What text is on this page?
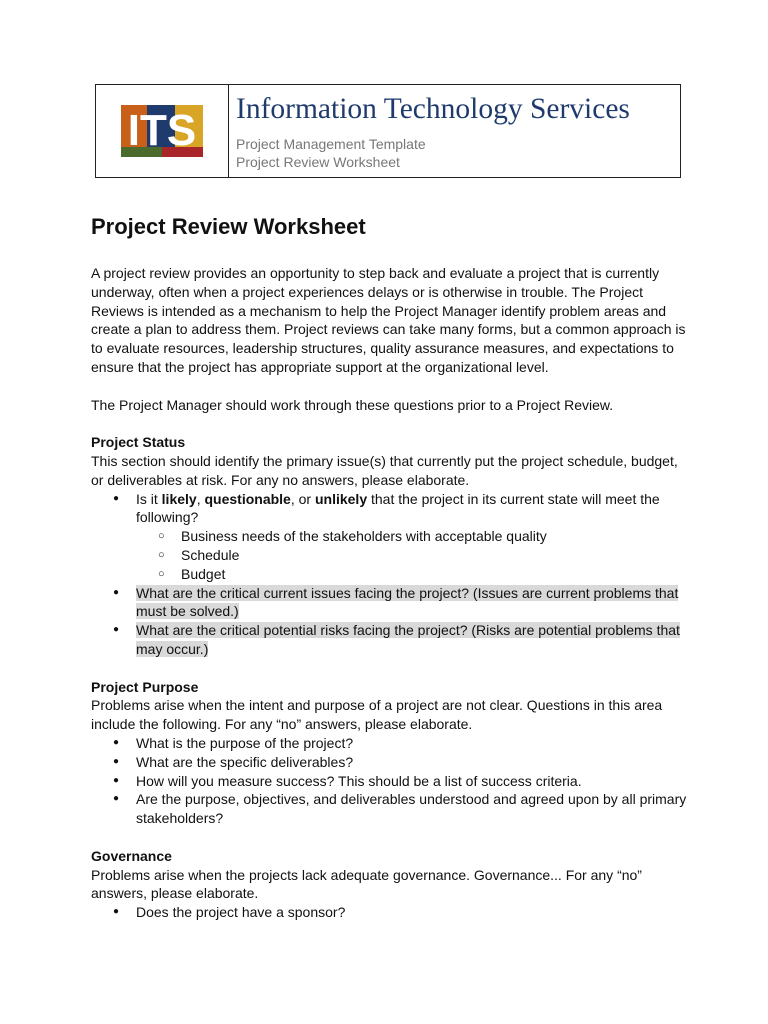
ITS Information Technology Services
Project Management Template
Project Review Worksheet
Project Review Worksheet

A project review provides an opportunity to step back and evaluate a project that is currently underway, often when a project experiences delays or is otherwise in trouble. The Project Reviews is intended as a mechanism to help the Project Manager identify problem areas and create a plan to address them. Project reviews can take many forms, but a common approach is to evaluate resources, leadership structures, quality assurance measures, and expectations to ensure that the project has appropriate support at the organizational level.

The Project Manager should work through these questions prior to a Project Review.

Project Status

This section should identify the primary issue(s) that currently put the project schedule, budget, or deliverables at risk. For any no answers, please elaborate.

● Is it likely, questionable, or unlikely that the project in its current state will meet the following?
○ Business needs of the stakeholders with acceptable quality
○ Schedule
○ Budget
● What are the critical current issues facing the project? (Issues are current problems that must be solved.)
● What are the critical potential risks facing the project? (Risks are potential problems that may occur.)
Project Purpose

Problems arise when the intent and purpose of a project are not clear. Questions in this area include the following. For any “no” answers, please elaborate.

● What is the purpose of the project?
● What are the specific deliverables?
● How will you measure success? This should be a list of success criteria.
● Are the purpose, objectives, and deliverables understood and agreed upon by all primary stakeholders?
Governance

Problems arise when the projects lack adequate governance. Governance... For any “no” answers, please elaborate.

● Does the project have a sponsor?
